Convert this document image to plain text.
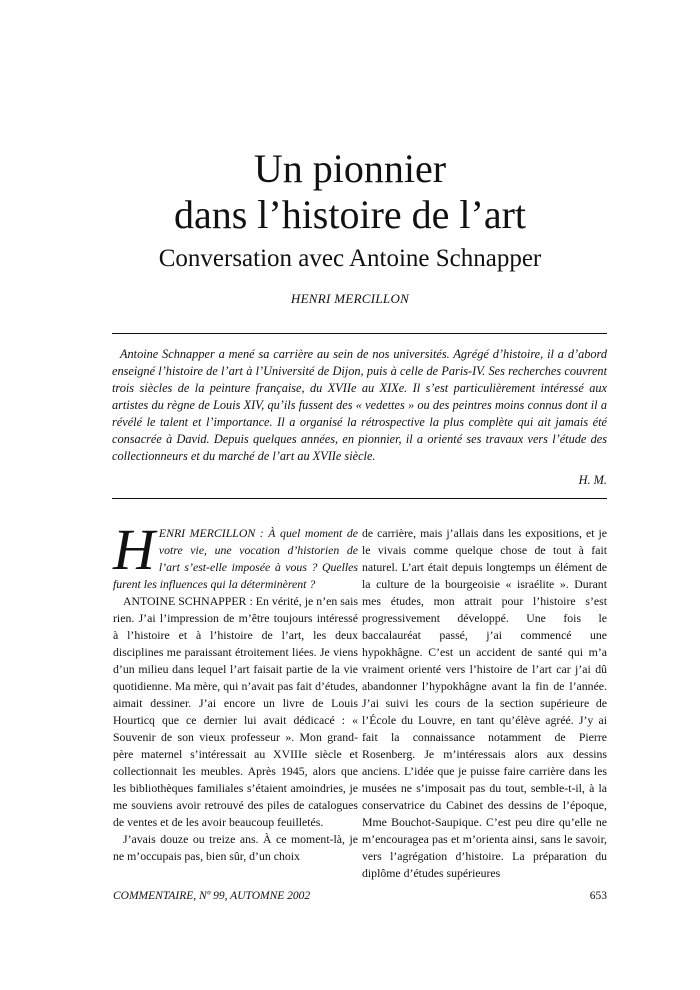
Un pionnier
dans l’histoire de l’art
Conversation avec Antoine Schnapper
HENRI MERCILLON

Antoine Schnapper a mené sa carrière au sein de nos universités. Agrégé d’histoire, il a d’abord enseigné l’histoire de l’art à l’Université de Dijon, puis à celle de Paris-IV. Ses recherches couvrent trois siècles de la peinture française, du XVIIe au XIXe. Il s’est particulièrement intéressé aux artistes du règne de Louis XIV, qu’ils fussent des « vedettes » ou des peintres moins connus dont il a révélé le talent et l’importance. Il a organisé la rétrospective la plus complète qui ait jamais été consacrée à David. Depuis quelques années, en pionnier, il a orienté ses travaux vers l’étude des collectionneurs et du marché de l’art au XVIIe siècle.

H. M.

HENRI MERCILLON : À quel moment de votre vie, une vocation d’historien de l’art s’est-elle imposée à vous ? Quelles furent les influences qui la déterminèrent ?

ANTOINE SCHNAPPER : En vérité, je n’en sais rien. J’ai l’impression de m’être toujours intéressé à l’histoire et à l’histoire de l’art, les deux disciplines me paraissant étroitement liées. Je viens d’un milieu dans lequel l’art faisait partie de la vie quotidienne. Ma mère, qui n’avait pas fait d’études, aimait dessiner. J’ai encore un livre de Louis Hourticq que ce dernier lui avait dédicacé : « Souvenir de son vieux professeur ». Mon grand-père maternel s’intéressait au XVIIIe siècle et collectionnait les meubles. Après 1945, alors que les bibliothèques familiales s’étaient amoindries, je me souviens avoir retrouvé des piles de catalogues de ventes et de les avoir beaucoup feuilletés.

J’avais douze ou treize ans. À ce moment-là, je ne m’occupais pas, bien sûr, d’un choix

de carrière, mais j’allais dans les expositions, et je le vivais comme quelque chose de tout à fait naturel. L’art était depuis longtemps un élément de la culture de la bourgeoisie « israélite ». Durant mes études, mon attrait pour l’histoire s’est progressivement développé. Une fois le baccalauréat passé, j’ai commencé une hypokhâgne. C’est un accident de santé qui m’a vraiment orienté vers l’histoire de l’art car j’ai dû abandonner l’hypokhâgne avant la fin de l’année. J’ai suivi les cours de la section supérieure de l’École du Louvre, en tant qu’élève agréé. J’y ai fait la connaissance notamment de Pierre Rosenberg. Je m’intéressais alors aux dessins anciens. L’idée que je puisse faire carrière dans les musées ne s’imposait pas du tout, semble-t-il, à la conservatrice du Cabinet des dessins de l’époque, Mme Bouchot-Saupique. C’est peu dire qu’elle ne m’encouragea pas et m’orienta ainsi, sans le savoir, vers l’agrégation d’histoire. La préparation du diplôme d’études supérieures

COMMENTAIRE, Nº 99, AUTOMNE 2002	653
